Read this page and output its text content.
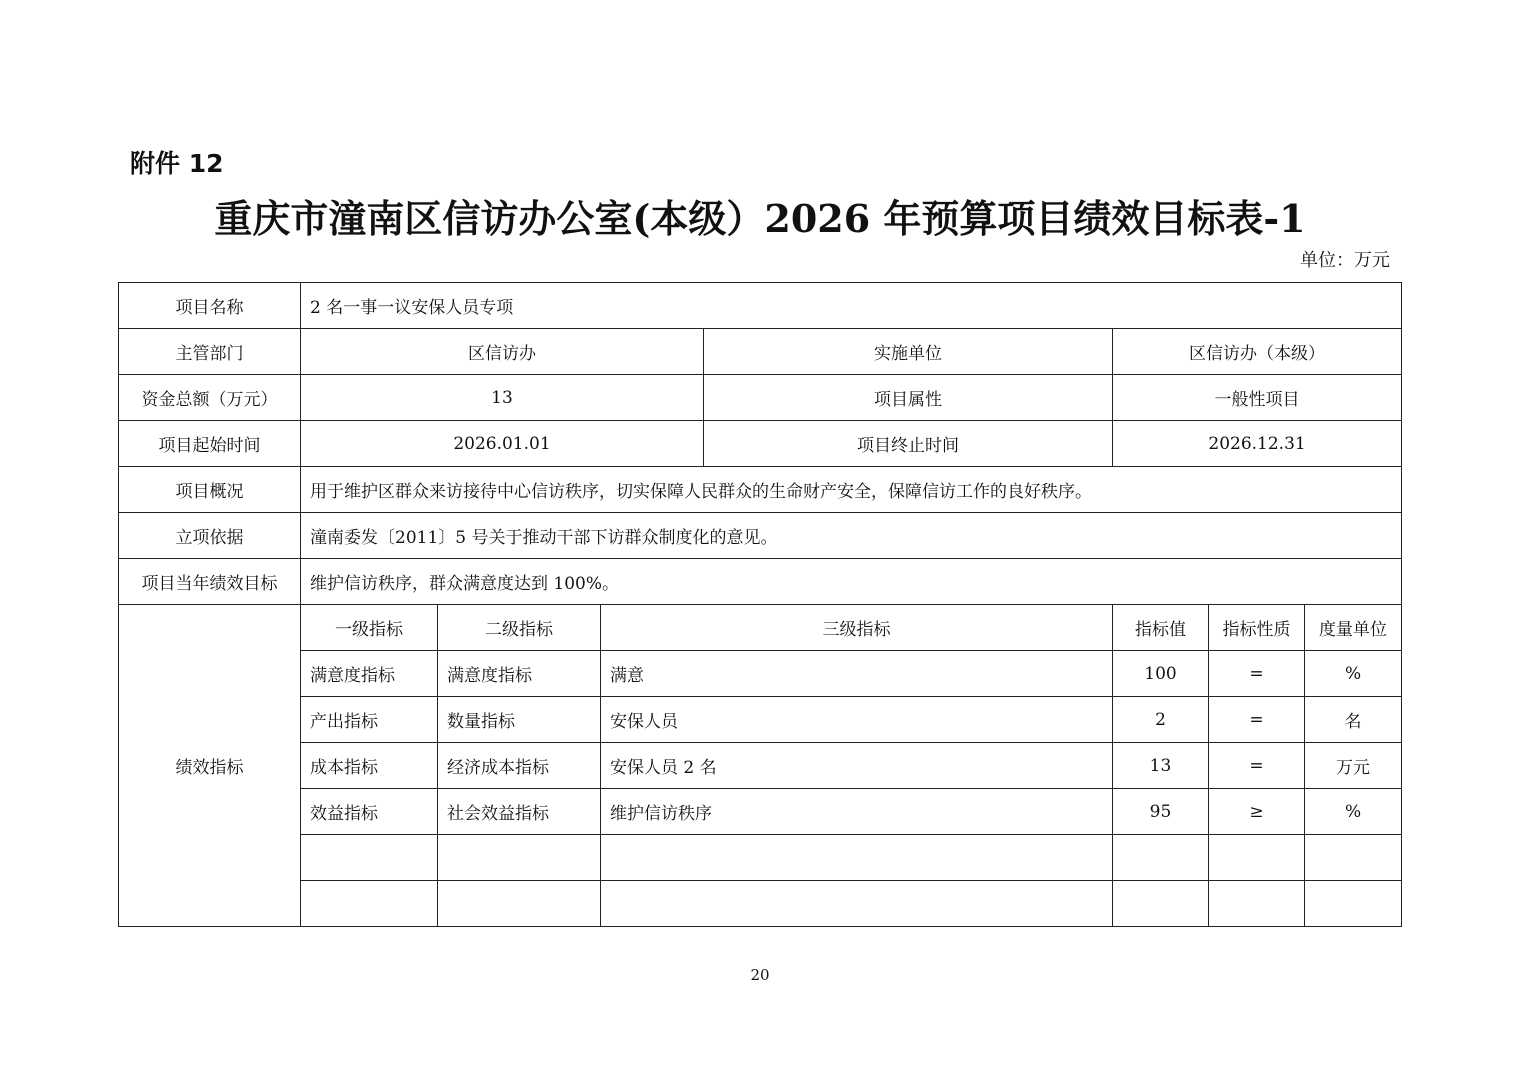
附件 12
重庆市潼南区信访办公室(本级）2026 年预算项目绩效目标表-1
单位：万元
项目名称	2 名一事一议安保人员专项						
主管部门	区信访办			实施单位	区信访办（本级）		
资金总额（万元）	13			项目属性	一般性项目		
项目起始时间	2026.01.01			项目终止时间	2026.12.31		
项目概况	用于维护区群众来访接待中心信访秩序，切实保障人民群众的生命财产安全，保障信访工作的良好秩序。						
立项依据	潼南委发〔2011〕5 号关于推动干部下访群众制度化的意见。						
项目当年绩效目标	维护信访秩序，群众满意度达到 100%。						
绩效指标	一级指标	二级指标	三级指标		指标值	指标性质	度量单位
	满意度指标	满意度指标	满意		100	=	%
	产出指标	数量指标	安保人员		2	=	名
	成本指标	经济成本指标	安保人员 2 名		13	=	万元
	效益指标	社会效益指标	维护信访秩序		95	≥	%

20
